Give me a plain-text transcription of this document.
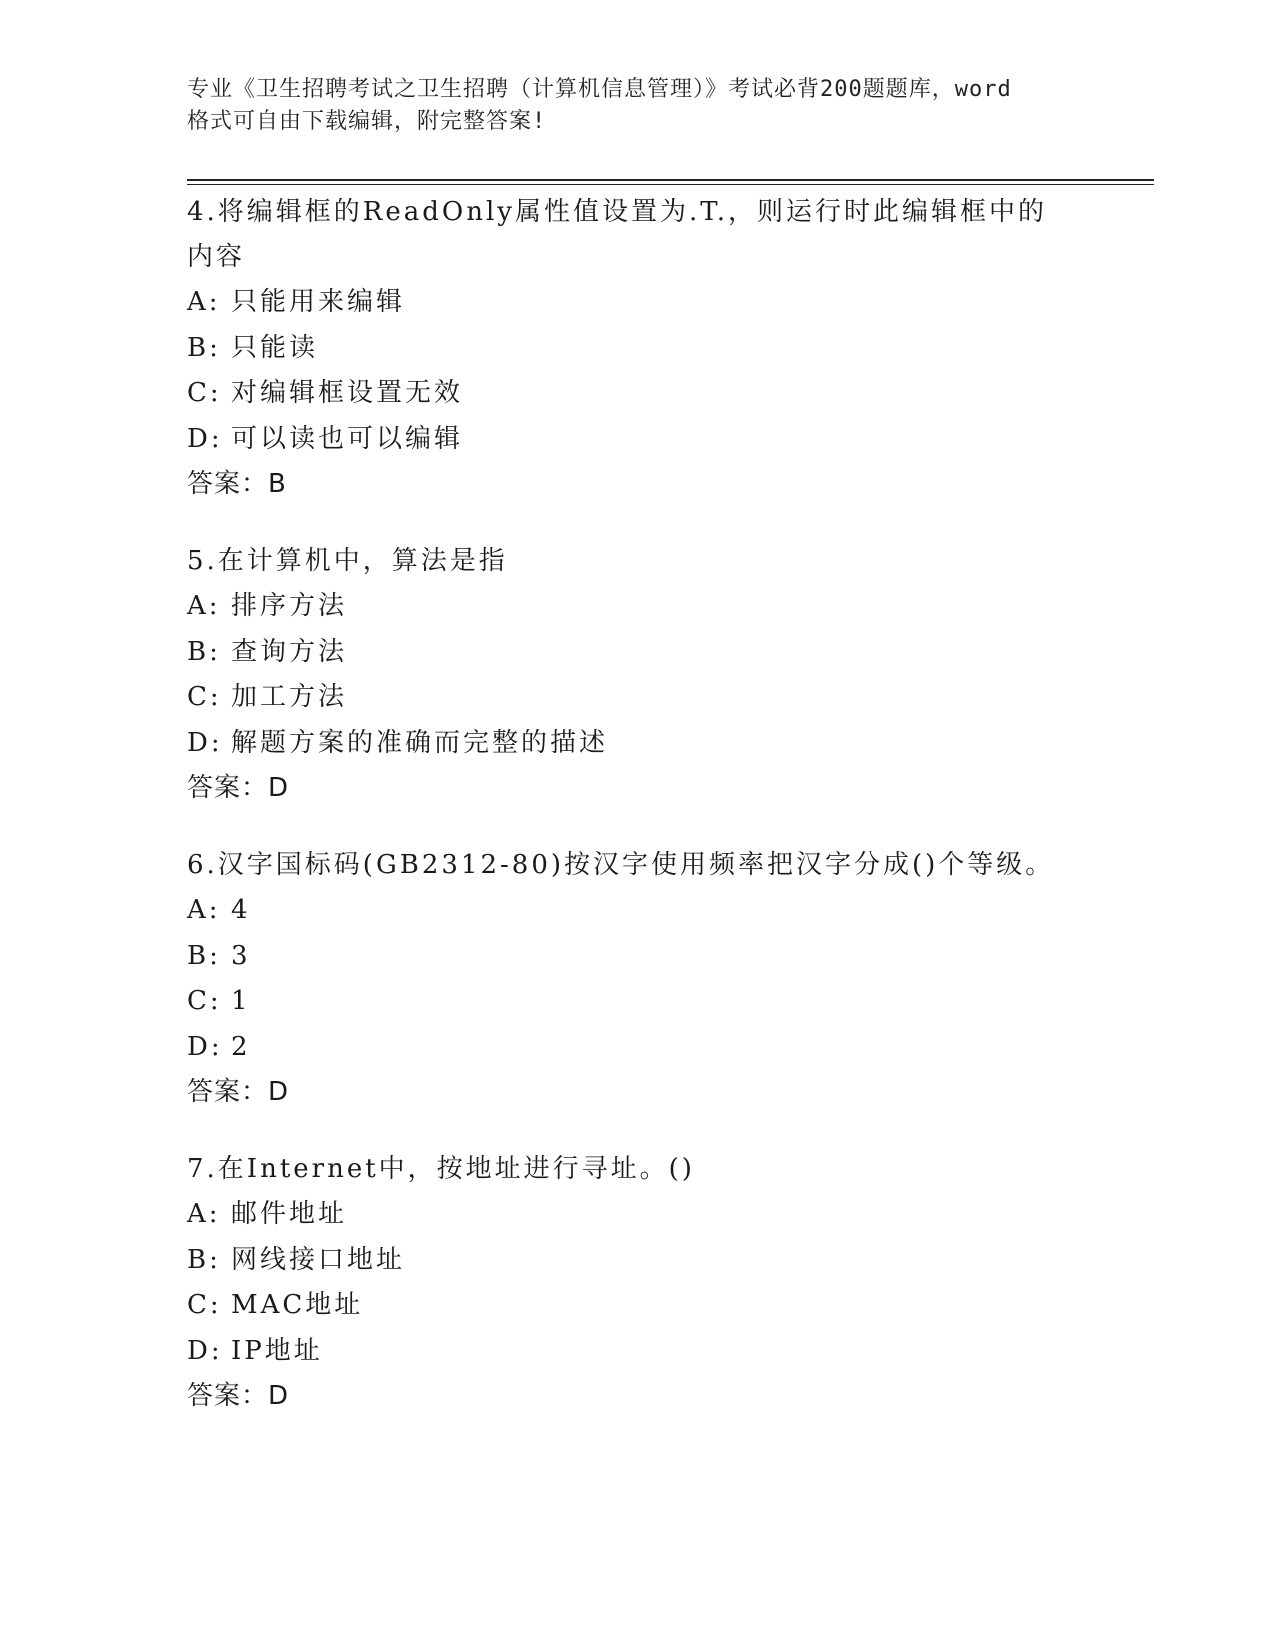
专业《卫生招聘考试之卫生招聘（计算机信息管理）》考试必背200题题库，word

格式可自由下载编辑，附完整答案!

4.将编辑框的ReadOnly属性值设置为.T.，则运行时此编辑框中的内容

A: 只能用来编辑

B: 只能读

C: 对编辑框设置无效

D: 可以读也可以编辑

答案：B

5.在计算机中，算法是指

A: 排序方法

B: 查询方法

C: 加工方法

D: 解题方案的准确而完整的描述

答案：D

6.汉字国标码(GB2312-80)按汉字使用频率把汉字分成()个等级。

A: 4

B: 3

C: 1

D: 2

答案：D

7.在Internet中，按地址进行寻址。()

A: 邮件地址

B: 网线接口地址

C: MAC地址

D: IP地址

答案：D
